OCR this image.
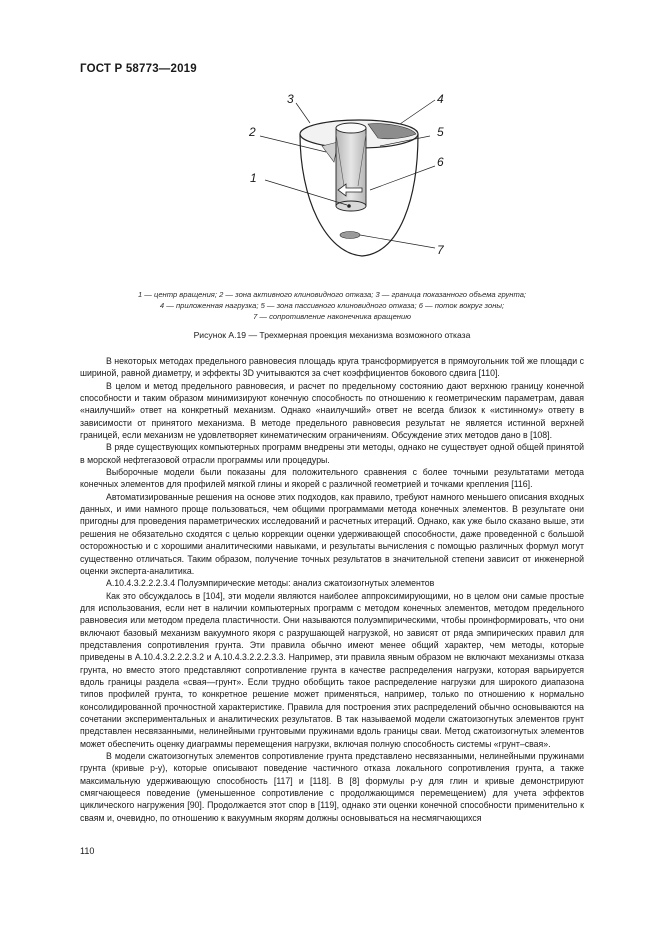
ГОСТ Р 58773—2019
3	4
2	5
6
1
7
1 — центр вращения; 2 — зона активного клиновидного отказа; 3 — граница показанного объема грунта;
4 — приложенная нагрузка; 5 — зона пассивного клиновидного отказа; 6 — поток вокруг зоны;
7 — сопротивление наконечника вращению
Рисунок А.19 — Трехмерная проекция механизма возможного отказа

В некоторых методах предельного равновесия площадь круга трансформируется в прямоугольник той же площади с шириной, равной диаметру, и эффекты 3D учитываются за счет коэффициентов бокового сдвига [110].

В целом и метод предельного равновесия, и расчет по предельному состоянию дают верхнюю границу конечной способности и таким образом минимизируют конечную способность по отношению к геометрическим параметрам, давая «наилучший» ответ на конкретный механизм. Однако «наилучший» ответ не всегда близок к «истинному» ответу в зависимости от принятого механизма. В методе предельного равновесия результат не является истинной верхней границей, если механизм не удовлетворяет кинематическим ограничениям. Обсуждение этих методов дано в [108].

В ряде существующих компьютерных программ внедрены эти методы, однако не существует одной общей принятой в морской нефтегазовой отрасли программы или процедуры.

Выборочные модели были показаны для положительного сравнения с более точными результатами метода конечных элементов для профилей мягкой глины и якорей с различной геометрией и точками крепления [116].

Автоматизированные решения на основе этих подходов, как правило, требуют намного меньшего описания входных данных, и ими намного проще пользоваться, чем общими программами метода конечных элементов. В результате они пригодны для проведения параметрических исследований и расчетных итераций. Однако, как уже было сказано выше, эти решения не обязательно сходятся с целью коррекции оценки удерживающей способности, даже проведенной с большой осторожностью и с хорошими аналитическими навыками, и результаты вычисления с помощью различных формул могут существенно отличаться. Таким образом, получение точных результатов в значительной степени зависит от инженерной оценки эксперта-аналитика.

А.10.4.3.2.2.2.3.4 Полуэмпирические методы: анализ сжатоизогнутых элементов

Как это обсуждалось в [104], эти модели являются наиболее аппроксимирующими, но в целом они самые простые для использования, если нет в наличии компьютерных программ с методом конечных элементов, методом предельного равновесия или методом предела пластичности. Они называются полуэмпирическими, чтобы проинформировать, что они включают базовый механизм вакуумного якоря с разрушающей нагрузкой, но зависят от ряда эмпирических правил для представления сопротивления грунта. Эти правила обычно имеют менее общий характер, чем методы, которые приведены в А.10.4.3.2.2.2.3.2 и А.10.4.3.2.2.2.3.3. Например, эти правила явным образом не включают механизмы отказа грунта, но вместо этого представляют сопротивление грунта в качестве распределения нагрузки, которая варьируется вдоль границы раздела «свая—грунт». Если трудно обобщить такое распределение нагрузки для широкого диапазона типов профилей грунта, то конкретное решение может применяться, например, только по отношению к нормально консолидированной прочностной характеристике. Правила для построения этих распределений обычно основываются на сочетании экспериментальных и аналитических результатов. В так называемой модели сжатоизогнутых элементов грунт представлен несвязанными, нелинейными грунтовыми пружинами вдоль границы сваи. Метод сжатоизогнутых элементов может обеспечить оценку диаграммы перемещения нагрузки, включая полную способность системы «грунт–свая».

В модели сжатоизогнутых элементов сопротивление грунта представлено несвязанными, нелинейными пружинами грунта (кривые p-y), которые описывают поведение частичного отказа локального сопротивления грунта, а также максимальную удерживающую способность [117] и [118]. В [8] формулы p-y для глин и кривые демонстрируют смягчающееся поведение (уменьшенное сопротивление с продолжающимся перемещением) для учета эффектов циклического нагружения [90]. Продолжается этот спор в [119], однако эти оценки конечной способности применительно к сваям и, очевидно, по отношению к вакуумным якорям должны основываться на несмягчающихся

110
